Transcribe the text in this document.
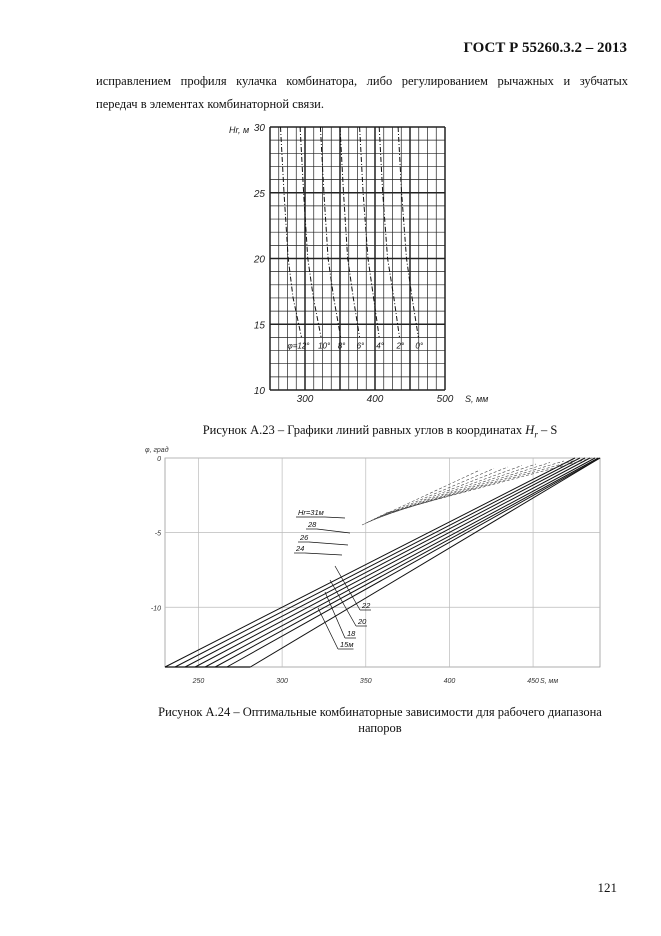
ГОСТ Р 55260.3.2 – 2013
исправлением профиля кулачка комбинатора, либо регулированием рычажных и зубчатых
передач в элементах комбинаторной связи.
Hr, м
S, мм
10
15
20
25
30
300	400	500
φ=12° 10° 8° 6° 4° 2° 0°
Рисунок А.23 – Графики линий равных углов в координатах $H_r$ – S
φ, град
S, мм
0
-5
-10
250	300	350	400	450
Hr=31м
28
26
24
22
20
18
15м
Рисунок А.24 – Оптимальные комбинаторные зависимости для рабочего диапазона
напоров
121
